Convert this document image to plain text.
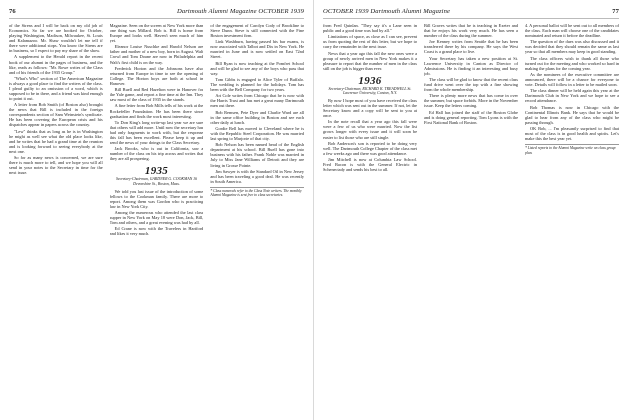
76	Dartmouth Alumni Magazine OCTOBER 1939

of the Sirens and I will be back on my old job of Economics. So far we are booked for October, playing Washington, Madison, Milwaukee, St. Louis and Kalamazoo. Mr. Shaw wouldn't let me tell if there were additional stops. You know the Sirens are in business, so I expect to pay my share of the show.

A supplement to the Herald report in the recent book of our alumni in the pages of business, and the like, reads as follows: "Mr. Rowe writes of the Class and of his friends of the 1935 Group."

"What's Who" section of The American Magazine is always a good place to find the writers of the class. I plead guilty to an omission of a word, which is supposed to be in there, and a friend was kind enough to point it out.

A letter from Bob Smith (of Boston also) brought the news that Bill is included in the foreign correspondents section of Sam Weinstein's syndicate. He has been covering the European crisis and his dispatches appear in papers across the country.

"Lew" thinks that as long as he is in Washington he might as well see what the old place looks like, and he writes that he had a grand time at the reunion and is looking forward to seeing everybody at the next one.

So for as many news is concerned, we are sure there is much more to tell, and we hope you will all send in your notes to the Secretary in time for the next issue.

Magazine. Seen on the screen at New York more than one thing was Millard. Bob is. Bill is home from Europe and looks well. Haven't seen much of him yet.

Eleanor Louise Nuschke and Harold Nelson are father and mother of a new boy, born in August. Walt Crowl and Tom Doane are now in Philadelphia and Walt's first child is on the way.

Frederick Horton and the Johnsons have also returned from Europe in time to see the opening of College. The Horton boys are both at school in Hanover.

Bill Buell and Red Hazelton were in Hanover for the Yale game, and report a fine time at the Inn. They saw most of the class of 1935 in the stands.

A fine letter from Bob Mills tells of his work at the Rockefeller Foundation. He has been there since graduation and finds the work most interesting.

To Don King's long write-up last year we are sure that others will add more. Until now the secretary has had only fragments to work with, but the response this fall has been excellent. Please keep it up and send the news of your doings to the Class Secretary.

Jack Brooks, who is out in California, saw a number of the class on his trip across and writes that they are all prospering.

1935
Secretary-Chairman, GARDNER G. COOKMAN 16 Devonshire St., Boston, Mass.

We told you last issue of the introduction of some fellows to the Cookman family. There are more to report. Among them was Gordon who is practicing law in New York City.

Among the numerous who attended the last class supper in New York on May 18 were Don, Jack, Bill, Tom and others, and a great evening was had by all.

Ed Crane is now with the Travelers in Hartford and likes it very much.

of the engagement of Carolyn Cody of Brookline to Steve Dunn. Steve is still connected with the Fine Boston investment firm.

Link Washburn, having passed his bar exams, is now associated with Talbot and Dix in New York. He married in June and is now settled on East 72nd Street.

Bill Ryan is now teaching at the Pomfret School and will be glad to see any of the boys who pass that way.

Tom Gibbs is engaged to Alice Tyler of Buffalo. The wedding is planned for the holidays. Tom has been with the Bell Company for two years.

Art Cole writes from Chicago that he is now with the Harris Trust and has met a great many Dartmouth men out there.

Bob Remsen, Pete Dyer and Charlie Ward are all in the same office building in Boston and see each other daily at lunch.

Gordie Bell has moved to Cleveland where he is with the Republic Steel Corporation. He was married last spring to Marjorie of that city.

Bob Nelson has been named head of the English department at his school. Bill Buell has gone into business with his father. Frank Noble was married in July to Miss Jane Williams of Detroit and they are living in Grosse Pointe.

Jim Sawyer is with the Standard Oil in New Jersey and has been traveling a good deal. He was recently in South America.

* Class numerals refer to the Class Note writers. The monthly Alumni Magazine is sent free to class secretaries.
OCTOBER 1939 Dartmouth Alumni Magazine	77

from Fred Quinlan. "They say it's a Lane seen in public and a good time was had by all."

Limitations of space, as close as I can see, prevent us from quoting the rest of this letter, but we hope to carry the remainder in the next issue.

News that a year ago this fall the new ones were a group of newly arrived men in New York makes it a pleasure to report that the number of men in the class still on the job is bigger than ever.

1936
Secretary-Chairman, RICHARD K. TREADWELL St. Lawrence University, Canton, N.Y.

By now I hope most of you have received the class letter which was sent out in the summer. If not, let the Secretary know and a copy will be sent to you at once.

In the note recall that a year ago this fall were were a few of us who were married. Now the list grows longer with every issue and it will soon be easier to list those who are still single.

Bob Anderson's son is reported to be doing very well. The Dartmouth College Chapter of the class met a few weeks ago and there was good attendance.

Jim Mitchell is now at Columbia Law School. Fred Bacon is with the General Electric in Schenectady and sends his best to all.

Bill Graves writes that he is teaching in Exeter and that he enjoys his work very much. He has seen a number of the class during the summer.

Joe Kenney writes from Seattle that he has been transferred there by his company. He says the West Coast is a grand place to live.

Your Secretary has taken a new position at St. Lawrence University in Canton as Director of Admissions. He is finding it an interesting and busy job.

The class will be glad to know that the recent class fund drive went over the top with a fine showing from the whole membership.

There is plenty more news that has come in over the summer, but space forbids. More in the November issue. Keep the letters coming.

Ed Hall has joined the staff of the Boston Globe and is doing general reporting. Tom Lyons is with the First National Bank of Boston.

4. A personal ballot will be sent out to all members of the class. Each man will choose one of the candidates nominated and return it before the deadline.

The question of the dues was also discussed and it was decided that they should remain the same as last year so that all members may keep in good standing.

The class officers wish to thank all those who turned out for the meeting and who worked so hard in making the plans for the coming year.

As the nominees of the executive committee are announced, there will be a chance for everyone to vote. Details will follow in a letter to be mailed soon.

The class dinner will be held again this year at the Dartmouth Club in New York and we hope to see a record attendance.

Bob Thomas is now in Chicago with the Continental Illinois Bank. He says that he would be glad to hear from any of the class who might be passing through.

OK Bob, ... I'm pleasantly surprised to find that most of the class is in good health and spirits. Let's make this the best year yet.

* Listed reports to the Alumni Magazine write on class group plan.
